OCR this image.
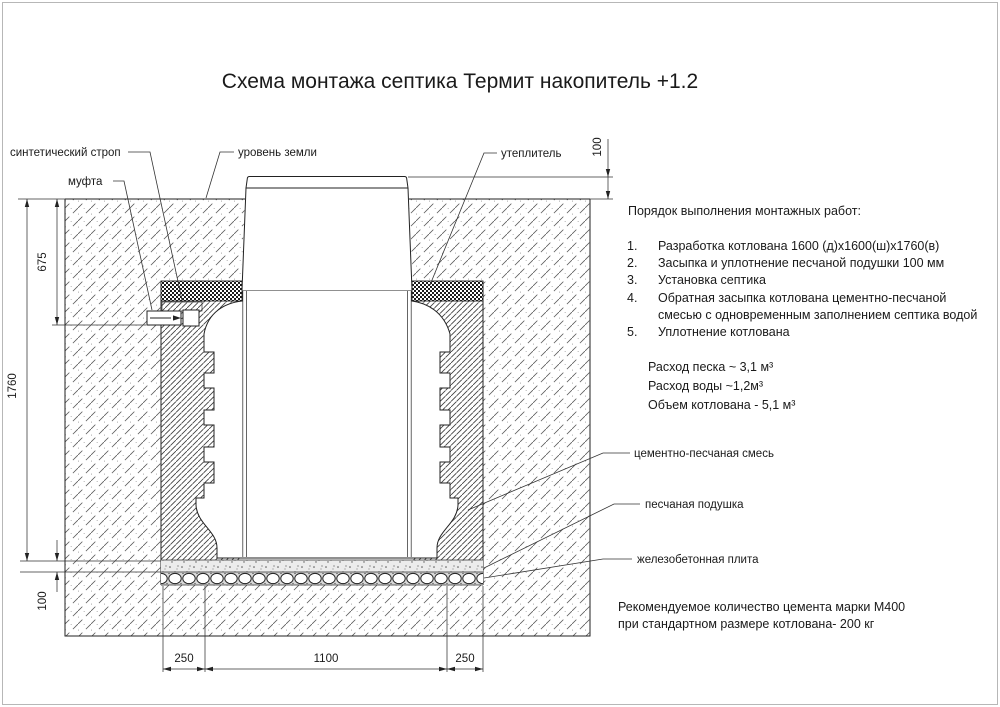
Схема монтажа септика Термит накопитель +1.2
синтетический строп
муфта
уровень земли	утеплитель
цементно-песчаная смесь
песчаная подушка
железобетонная плита
100
675
1760
100
250	1100	250
Порядок выполнения монтажных работ:
1. Разработка котлована 1600 (д)х1600(ш)х1760(в)
2. Засыпка и уплотнение песчаной подушки 100 мм
3. Установка септика
4. Обратная засыпка котлована цементно-песчаной
смесью с одновременным заполнением септика водой
5. Уплотнение котлована
Расход песка ~ 3,1 м³
Расход воды ~1,2м³
Объем котлована - 5,1 м³
Рекомендуемое количество цемента марки М400
при стандартном размере котлована- 200 кг
